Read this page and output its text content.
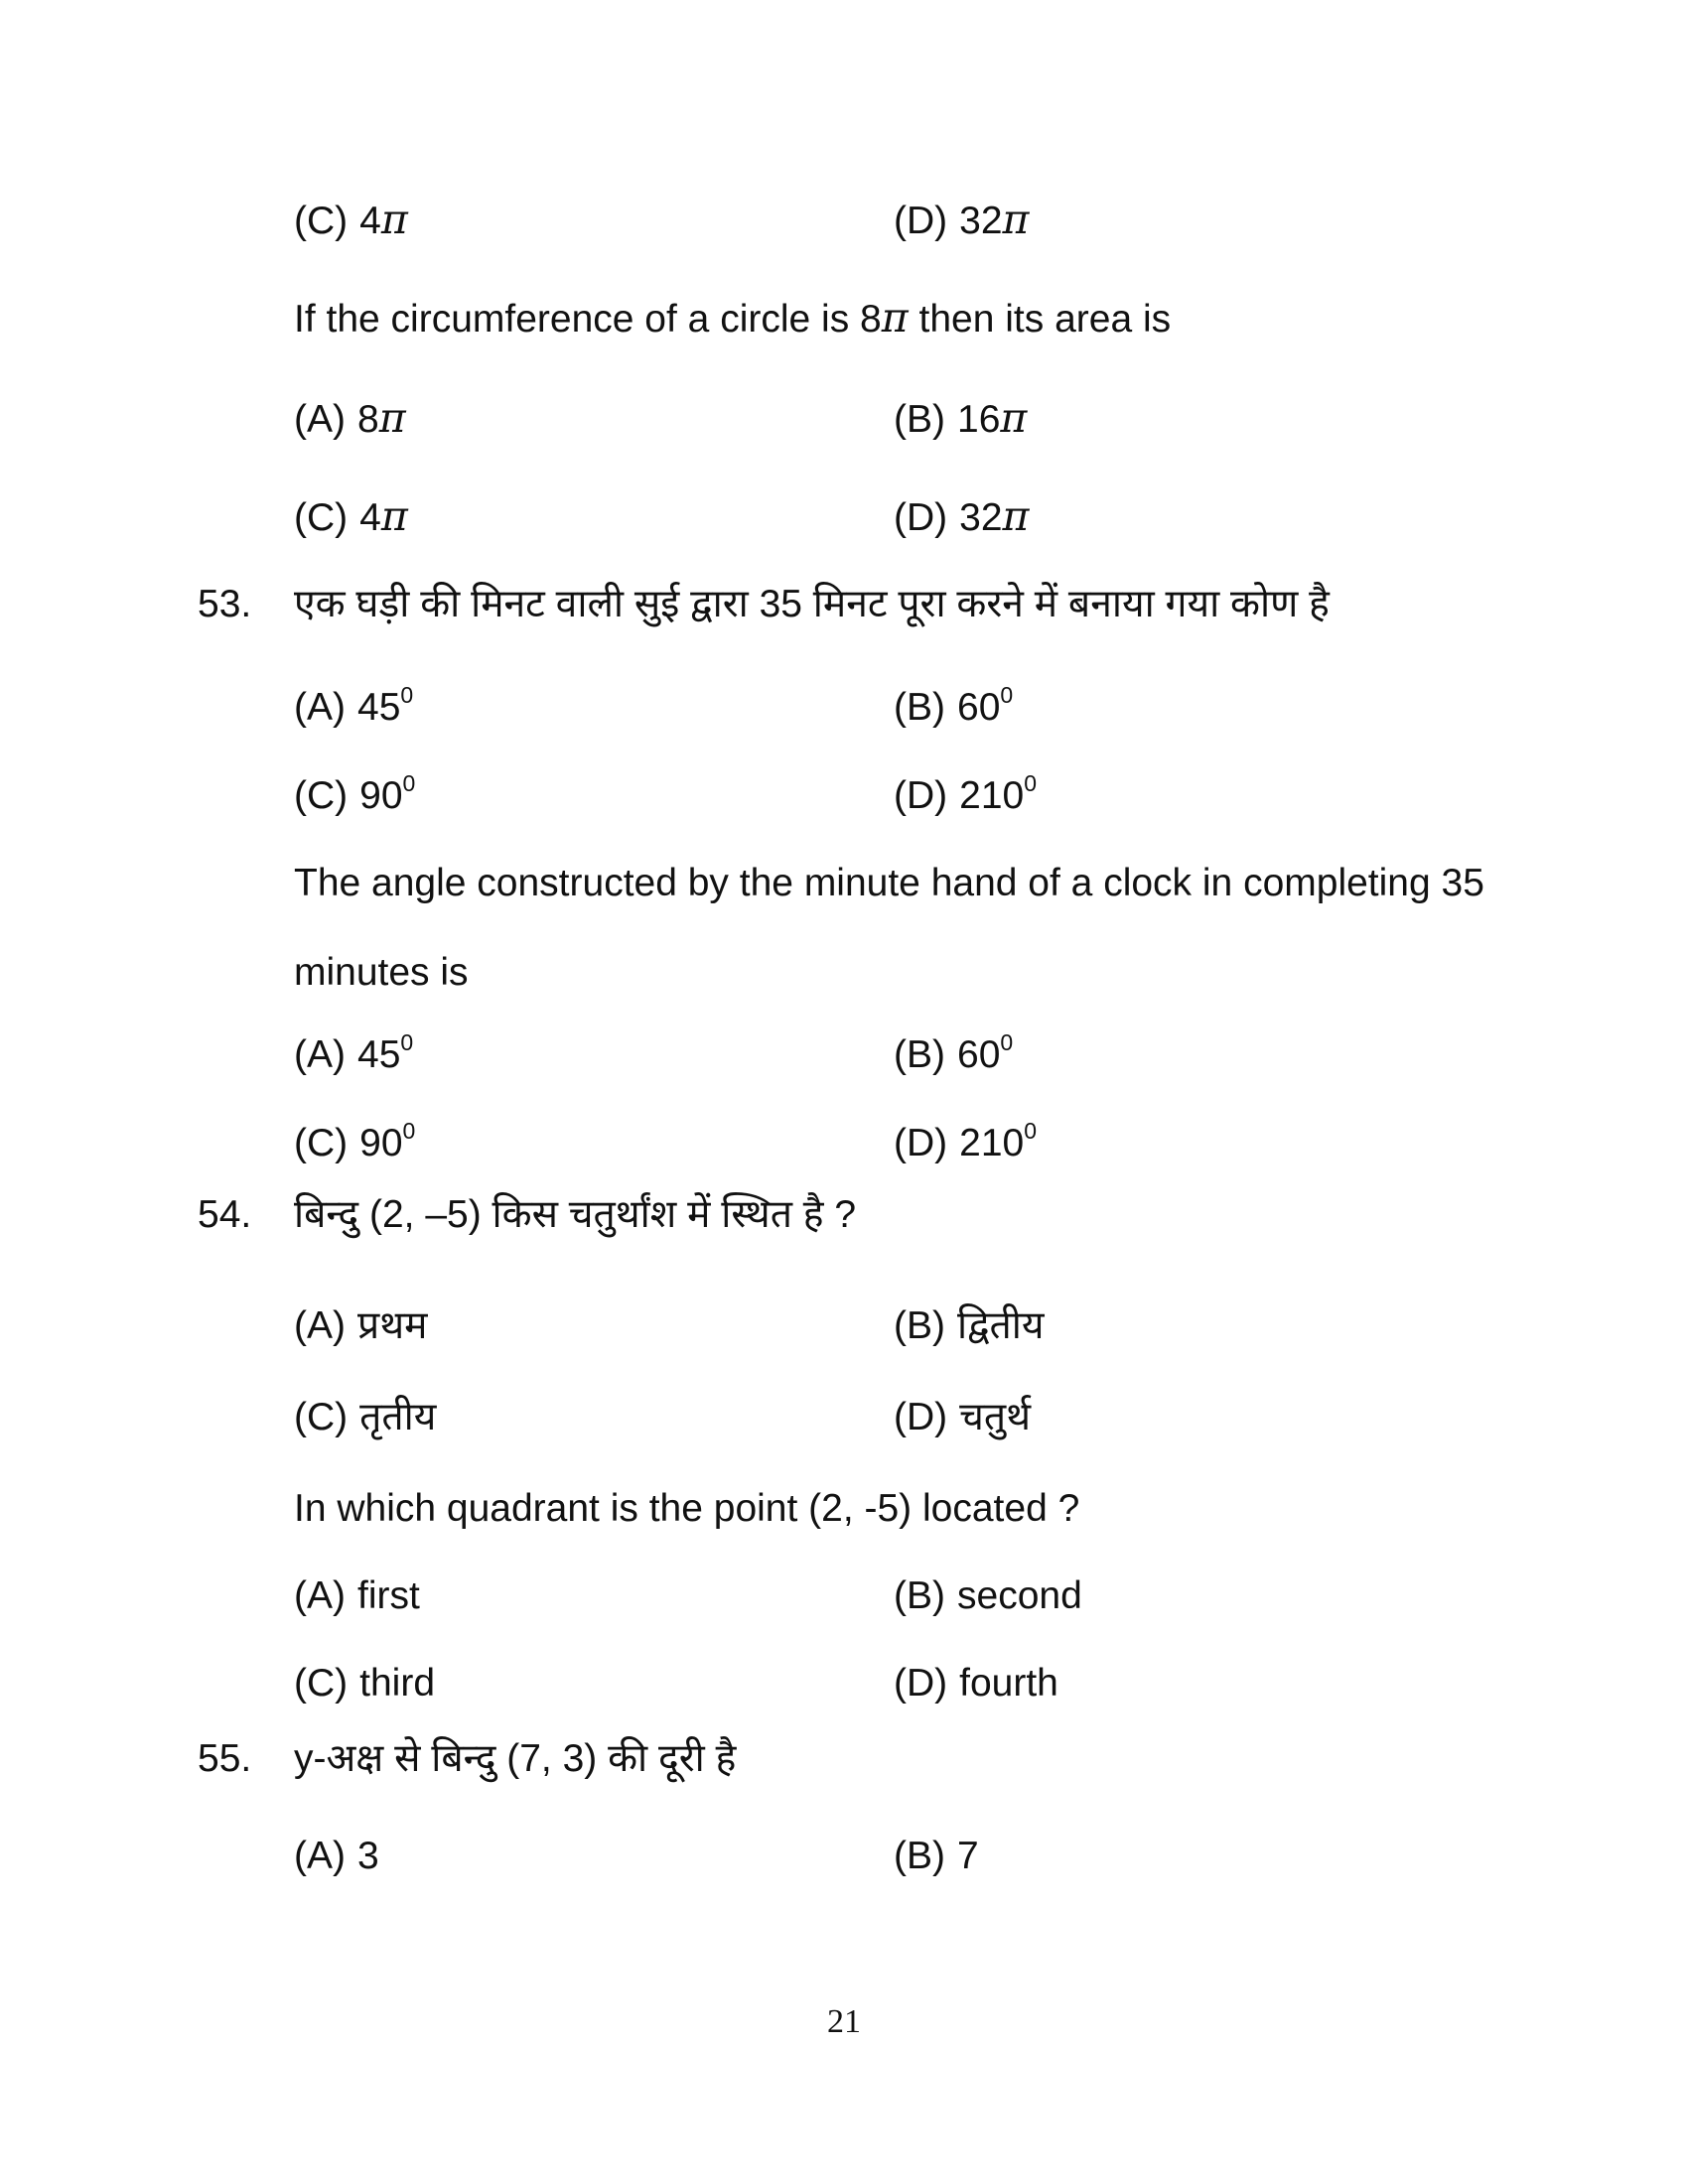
(C) 4π	(D) 32π
If the circumference of a circle is 8π then its area is
(A) 8π	(B) 16π
(C) 4π	(D) 32π
53. एक घड़ी की मिनट वाली सुई द्वारा 35 मिनट पूरा करने में बनाया गया कोण है
(A) $45^0$	(B) $60^0$
(C) $90^0$	(D) $210^0$
The angle constructed by the minute hand of a clock in completing 35
minutes is
(A) $45^0$	(B) $60^0$
(C) $90^0$	(D) $210^0$
54. बिन्दु (2, –5) किस चतुर्थांश में स्थित है ?
(A) प्रथम	(B) द्वितीय
(C) तृतीय	(D) चतुर्थ
In which quadrant is the point (2, -5) located ?
(A) first	(B) second
(C) third	(D) fourth
55. y-अक्ष से बिन्दु (7, 3) की दूरी है
(A) 3	(B) 7
21
